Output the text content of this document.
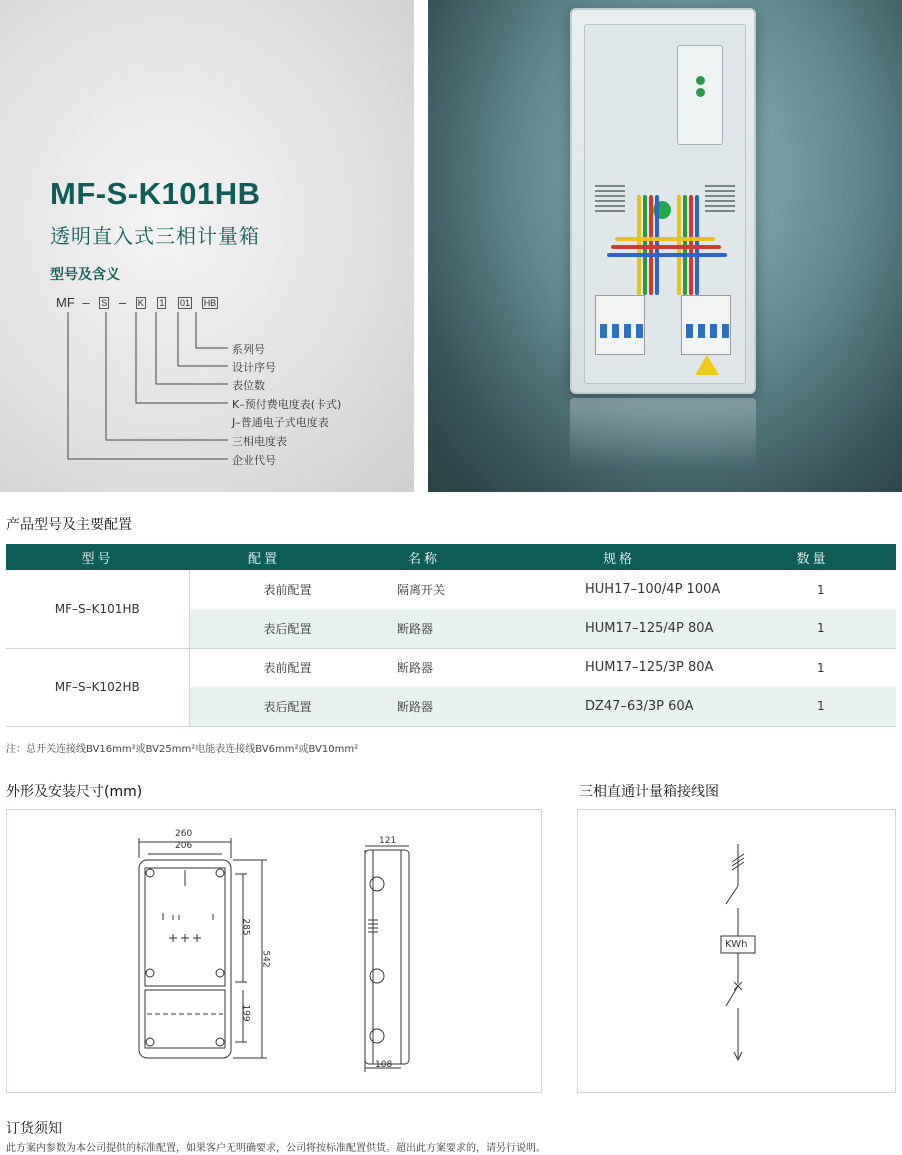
MF-S-K101HB
透明直入式三相计量箱
型号及含义
MF – S – K 1 01 HB
系列号
设计序号
表位数
K–预付费电度表(卡式)
J–普通电子式电度表
三相电度表
企业代号
产品型号及主要配置
型号	配置	名称	规格	数量
MF–S–K101HB	表前配置	隔离开关	HUH17–100/4P 100A	1
	表后配置	断路器	HUM17–125/4P 80A	1
MF–S–K102HB	表前配置	断路器	HUM17–125/3P 80A	1
	表后配置	断路器	DZ47–63/3P 60A	1
注：总开关连接线BV16mm²或BV25mm²电能表连接线BV6mm²或BV10mm²
外形及安装尺寸(mm)	三相直通计量箱接线图
260
206
285
542
199
121
108
KWh
订货须知
此方案内参数为本公司提供的标准配置，如果客户无明确要求，公司将按标准配置供货。超出此方案要求的，请另行说明。
